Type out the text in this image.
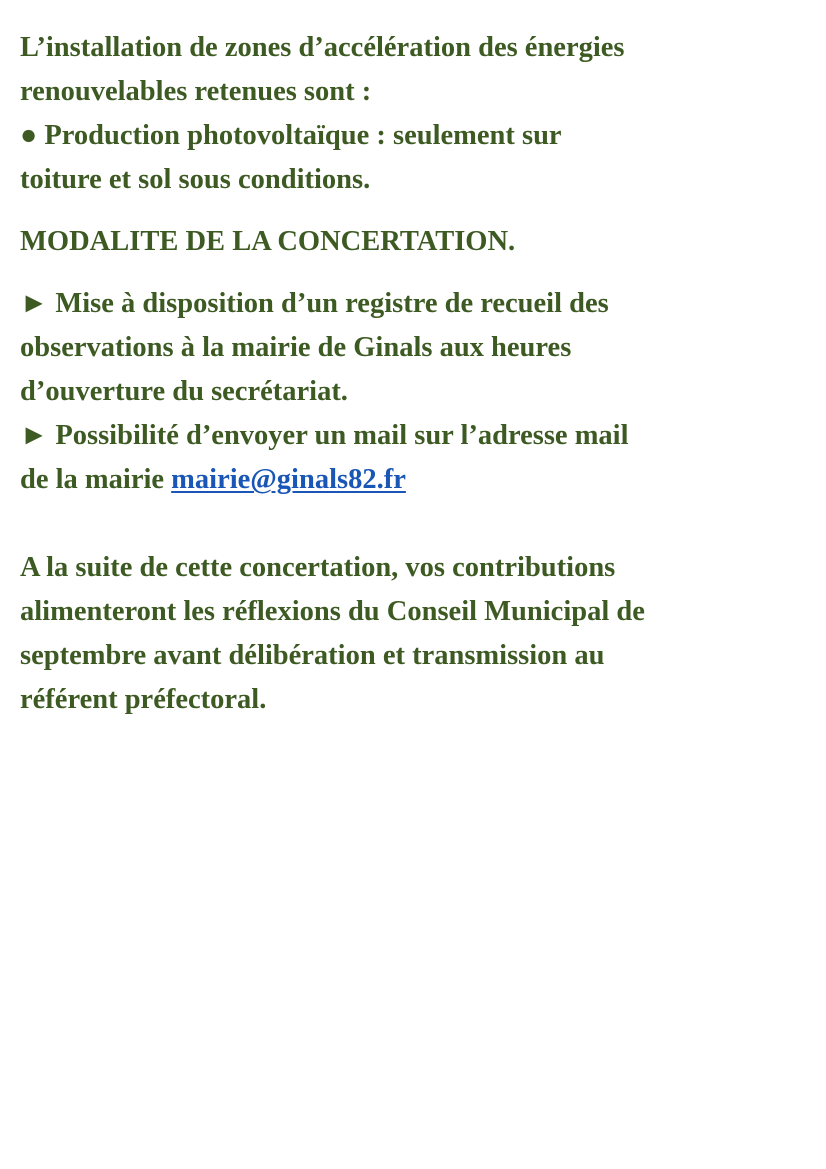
L’installation de zones d’accélération des énergies
renouvelables retenues sont :
● Production photovoltaïque : seulement sur
toiture et sol sous conditions.

MODALITE DE LA CONCERTATION.

► Mise à disposition d’un registre de recueil des
observations à la mairie de Ginals aux heures
d’ouverture du secrétariat.
► Possibilité d’envoyer un mail sur l’adresse mail
de la mairie mairie@ginals82.fr

A la suite de cette concertation, vos contributions
alimenteront les réflexions du Conseil Municipal de
septembre avant délibération et transmission au
référent préfectoral.
